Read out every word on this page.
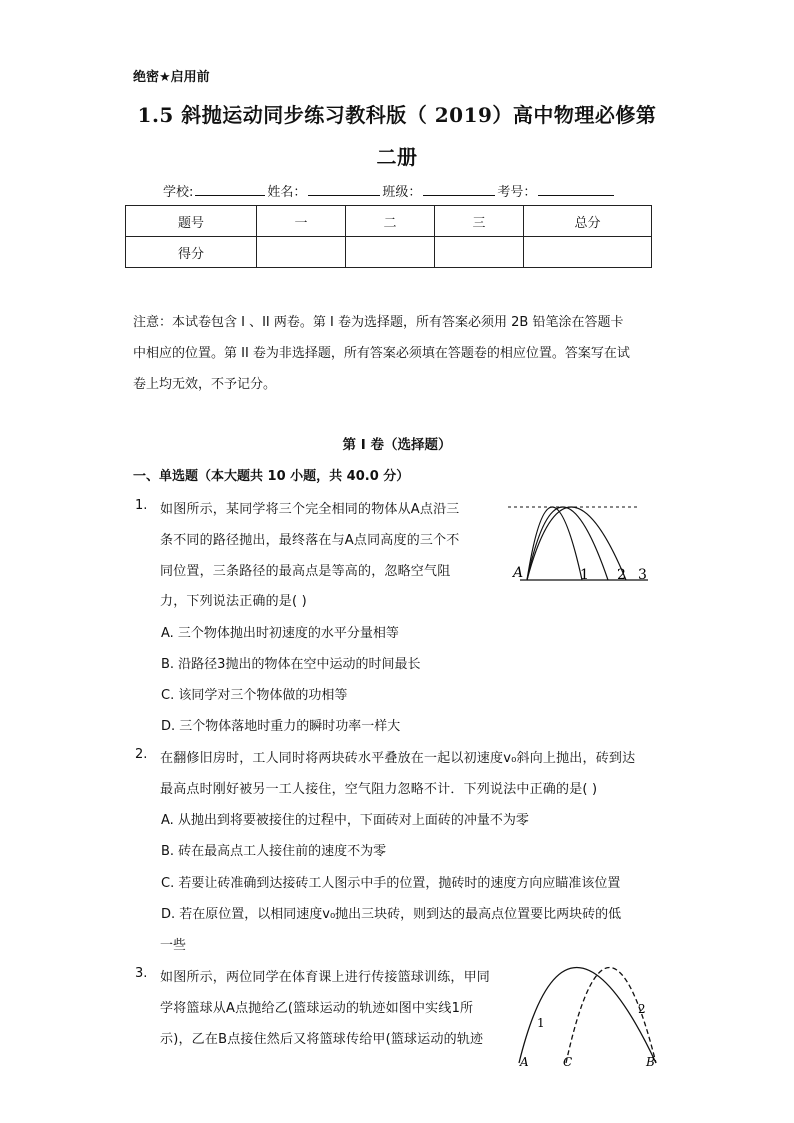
绝密★启用前
1.5 斜抛运动同步练习教科版（ 2019）高中物理必修第
二册
学校:	姓名：	班级：	考号：
题号	一	二	三	总分
得分				
注意：本试卷包含 I 、II 两卷。第 I 卷为选择题，所有答案必须用 2B 铅笔涂在答题卡
中相应的位置。第 II 卷为非选择题，所有答案必须填在答题卷的相应位置。答案写在试
卷上均无效，不予记分。
第 I 卷（选择题）
一、单选题（本大题共 10 小题，共 40.0 分）
1. 如图所示，某同学将三个完全相同的物体从A点沿三
条不同的路径抛出，最终落在与A点同高度的三个不
同位置，三条路径的最高点是等高的，忽略空气阻
力，下列说法正确的是( )
A. 三个物体抛出时初速度的水平分量相等
B. 沿路径3抛出的物体在空中运动的时间最长
C. 该同学对三个物体做的功相等
D. 三个物体落地时重力的瞬时功率一样大
A	1 2 3
2. 在翻修旧房时，工人同时将两块砖水平叠放在一起以初速度v₀斜向上抛出，砖到达
最高点时刚好被另一工人接住，空气阻力忽略不计．下列说法中正确的是( )
A. 从抛出到将要被接住的过程中，下面砖对上面砖的冲量不为零
B. 砖在最高点工人接住前的速度不为零
C. 若要让砖准确到达接砖工人图示中手的位置，抛砖时的速度方向应瞄准该位置
D. 若在原位置，以相同速度v₀抛出三块砖，则到达的最高点位置要比两块砖的低
一些
3. 如图所示，两位同学在体育课上进行传接篮球训练，甲同
学将篮球从A点抛给乙(篮球运动的轨迹如图中实线1所
示)，乙在B点接住然后又将篮球传给甲(篮球运动的轨迹
1
2
A	C	B
